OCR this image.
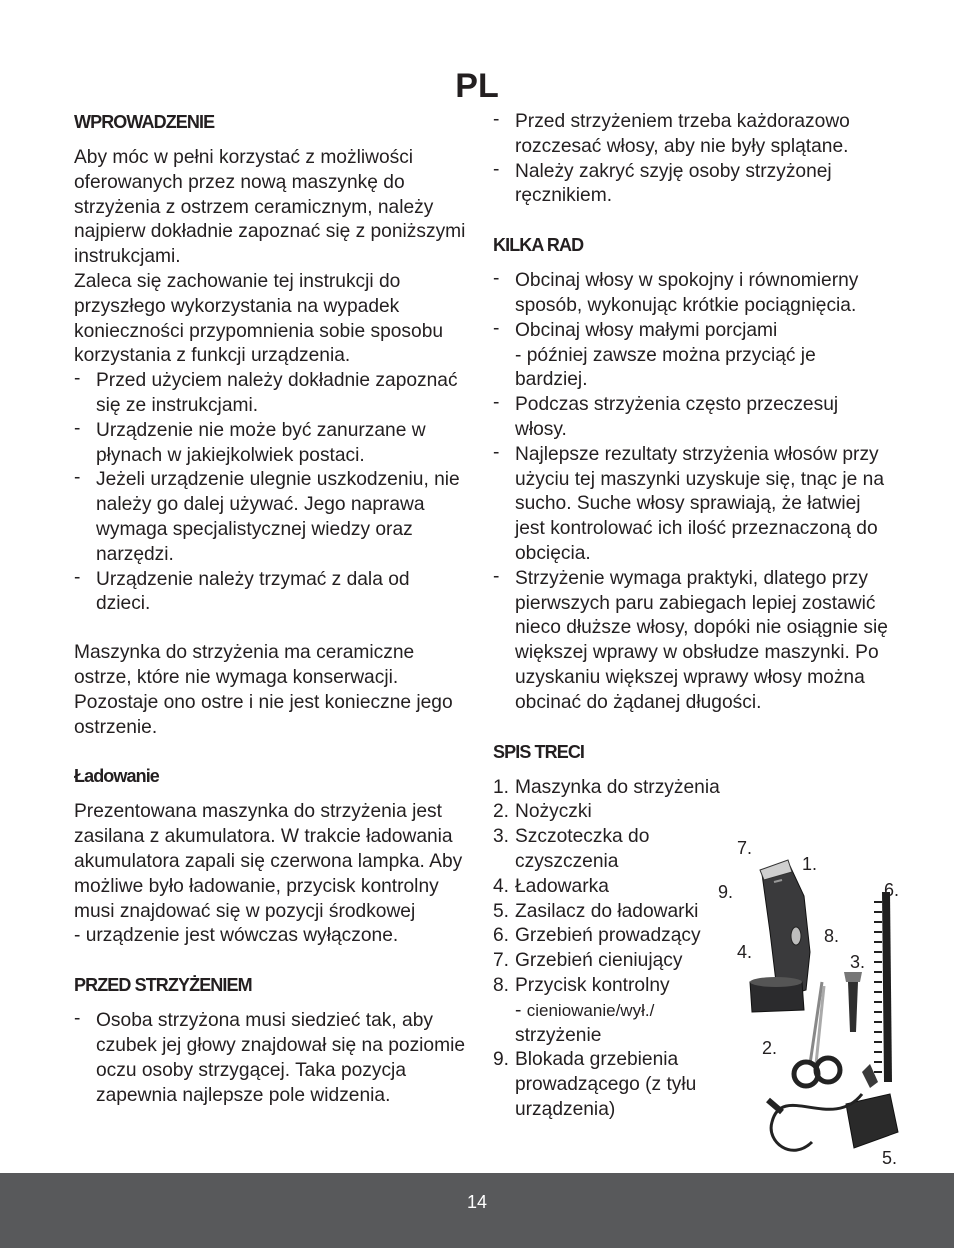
PL
WPROWADZENIE

Aby móc w pełni korzystać z możliwości oferowanych przez nową maszynkę do strzyżenia z ostrzem ceramicznym, należy najpierw dokładnie zapoznać się z poniższymi instrukcjami.

Zaleca się zachowanie tej instrukcji do przyszłego wykorzystania na wypadek konieczności przypomnienia sobie sposobu korzystania z funkcji urządzenia.

- Przed użyciem należy dokładnie zapoznać się ze instrukcjami.
- Urządzenie nie może być zanurzane w płynach w jakiejkolwiek postaci.
- Jeżeli urządzenie ulegnie uszkodzeniu, nie należy go dalej używać. Jego naprawa wymaga specjalistycznej wiedzy oraz narzędzi.
- Urządzenie należy trzymać z dala od dzieci.

Maszynka do strzyżenia ma ceramiczne ostrze, które nie wymaga konserwacji. Pozostaje ono ostre i nie jest konieczne jego ostrzenie.

Ładowanie

Prezentowana maszynka do strzyżenia jest zasilana z akumulatora. W trakcie ładowania akumulatora zapali się czerwona lampka. Aby możliwe było ładowanie, przycisk kontrolny musi znajdować się w pozycji środkowej

- urządzenie jest wówczas wyłączone.

PRZED STRZYŻENIEM
- Osoba strzyżona musi siedzieć tak, aby czubek jej głowy znajdował się na poziomie oczu osoby strzygącej. Taka pozycja zapewnia najlepsze pole widzenia.
- Przed strzyżeniem trzeba każdorazowo rozczesać włosy, aby nie były splątane.
- Należy zakryć szyję osoby strzyżonej ręcznikiem.
KILKA RAD
- Obcinaj włosy w spokojny i równomierny sposób, wykonując krótkie pociągnięcia.
- Obcinaj włosy małymi porcjami
- później zawsze można przyciąć je bardziej.
- Podczas strzyżenia często przeczesuj włosy.
- Najlepsze rezultaty strzyżenia włosów przy użyciu tej maszynki uzyskuje się, tnąc je na sucho. Suche włosy sprawiają, że łatwiej jest kontrolować ich ilość przeznaczoną do obcięcia.
- Strzyżenie wymaga praktyki, dlatego przy pierwszych paru zabiegach lepiej zostawić nieco dłuższe włosy, dopóki nie osiągnie się większej wprawy w obsłudze maszynki. Po uzyskaniu większej wprawy włosy można obcinać do żądanej długości.
SPIS TRECI
1. Maszynka do strzyżenia
2. Nożyczki
3. Szczoteczka do czyszczenia
4. Ładowarka
5. Zasilacz do ładowarki
6. Grzebień prowadzący
7. Grzebień cieniujący
8. Przycisk kontrolny
- cieniowanie/wył./
strzyżenie
9. Blokada grzebienia prowadzącego (z tyłu urządzenia)
7.
1.
6.
9.
8.
4.	3.
2.
5.
14
